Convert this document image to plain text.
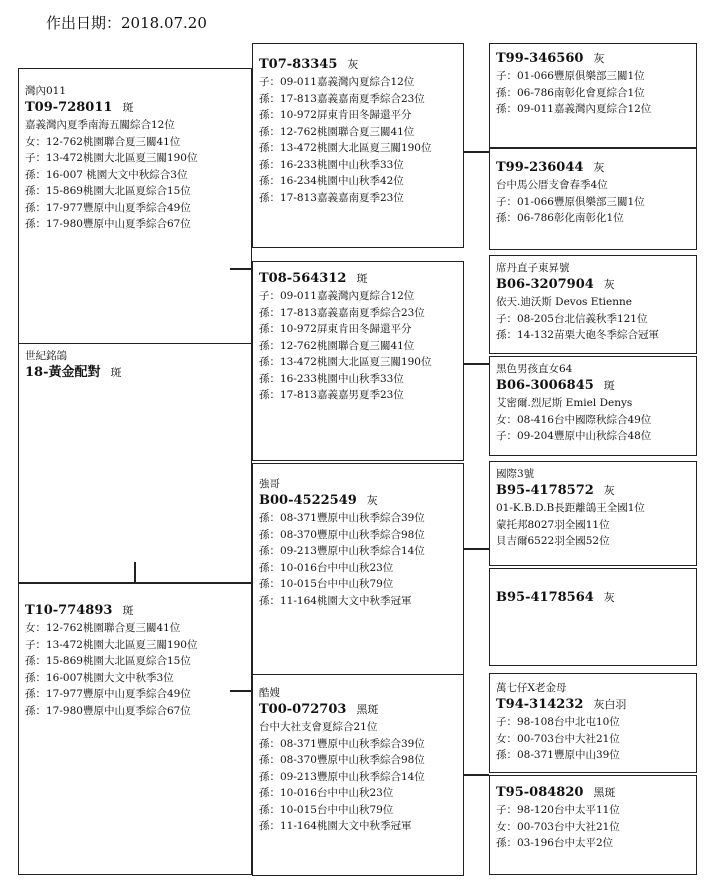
作出日期：2018.07.20
世紀銘鴿
18-黃金配對 斑
灣內011
T09-728011 斑
嘉義灣內夏季南海五關綜合12位
女：12-762桃園聯合夏三關41位
子：13-472桃園大北區夏三關190位
孫：16-007 桃園大文中秋綜合3位
孫：15-869桃園大北區夏綜合15位
孫：17-977豐原中山夏季綜合49位
孫：17-980豐原中山夏季綜合67位
T10-774893 斑
女：12-762桃園聯合夏三關41位
子：13-472桃園大北區夏三關190位
孫：15-869桃園大北區夏綜合15位
孫：16-007桃園大文中秋季3位
孫：17-977豐原中山夏季綜合49位
孫：17-980豐原中山夏季綜合67位
T07-83345 灰
子：09-011嘉義灣內夏綜合12位
孫：17-813嘉義嘉南夏季綜合23位
孫：10-972屏東肯田冬歸還平分
孫：12-762桃園聯合夏三關41位
孫：13-472桃園大北區夏三關190位
孫：16-233桃園中山秋季33位
孫：16-234桃園中山秋季42位
孫：17-813嘉義嘉南夏季23位
T08-564312 斑
子：09-011嘉義灣內夏綜合12位
孫：17-813嘉義嘉南夏季綜合23位
孫：10-972屏東肯田冬歸還平分
孫：12-762桃園聯合夏三關41位
孫：13-472桃園大北區夏三關190位
孫：16-233桃園中山秋季33位
孫：17-813嘉義嘉男夏季23位
強哥
B00-4522549 灰
孫：08-371豐原中山秋季綜合39位
孫：08-370豐原中山秋季綜合98位
孫：09-213豐原中山秋季綜合14位
孫：10-016台中中山秋23位
孫：10-015台中中山秋79位
孫：11-164桃園大文中秋季冠軍
酷嫂
T00-072703 黑斑
台中大社支會夏綜合21位
孫：08-371豐原中山秋季綜合39位
孫：08-370豐原中山秋季綜合98位
孫：09-213豐原中山秋季綜合14位
孫：10-016台中中山秋23位
孫：10-015台中中山秋79位
孫：11-164桃園大文中秋季冠軍
T99-346560 灰
子：01-066豐原俱樂部三關1位
孫：06-786南彰化會夏綜合1位
孫：09-011嘉義灣內夏綜合12位
T99-236044 灰
台中馬公厝支會春季4位
子：01-066豐原俱樂部三關1位
孫：06-786彰化南彰化1位
席丹直子東昇號
B06-3207904 灰
依天.迪沃斯 Devos Etienne
子：08-205台北信義秋季121位
孫：14-132苗栗大砲冬季綜合冠軍
黑色男孩直女64
B06-3006845 斑
艾密爾.烈尼斯 Emiel Denys
女：08-416台中國際秋綜合49位
子：09-204豐原中山秋綜合48位
國際3號
B95-4178572 灰
01-K.B.D.B長距離鴿王全國1位
蒙托邦8027羽全國11位
貝吉爾6522羽全國52位
B95-4178564 灰
萬七仔X老金母
T94-314232 灰白羽
子：98-108台中北屯10位
女：00-703台中大社21位
孫：08-371豐原中山39位
T95-084820 黑斑
子：98-120台中太平11位
女：00-703台中大社21位
孫：03-196台中太平2位
